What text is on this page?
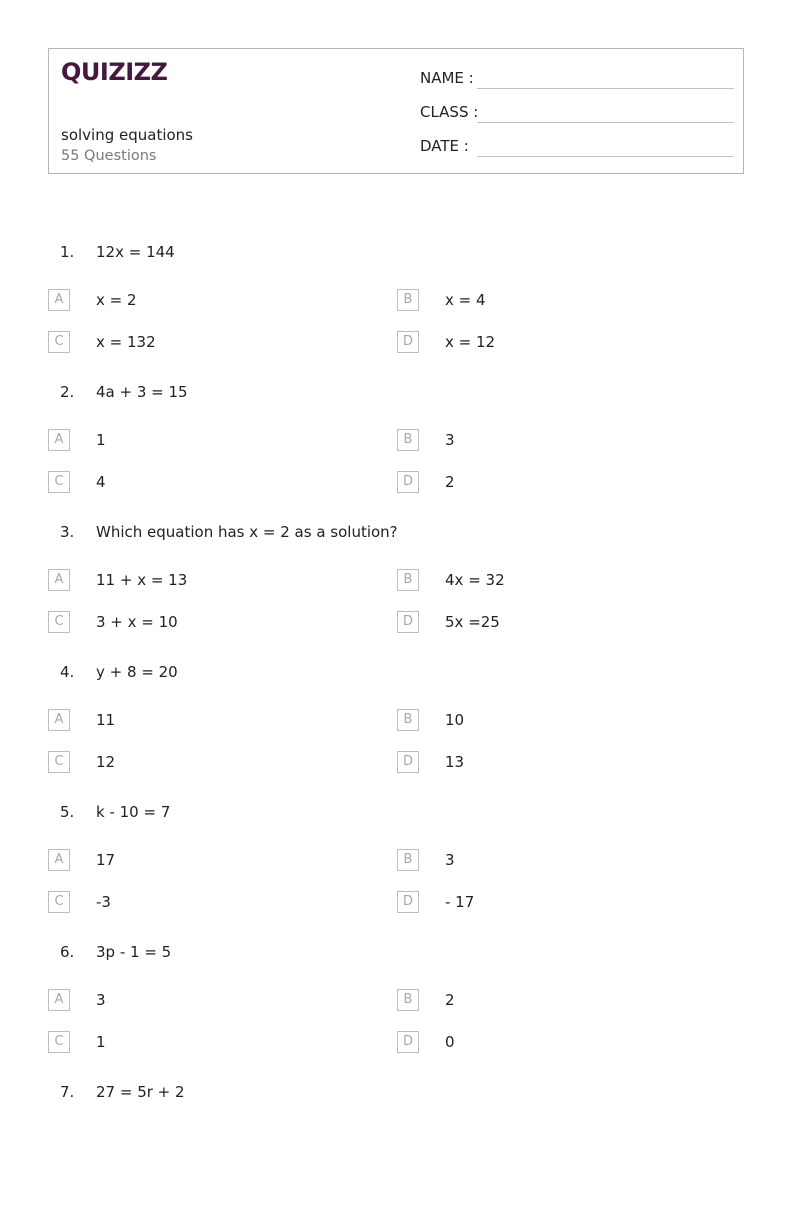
QUIZIZZ
solving equations
55 Questions
NAME :
CLASS :
DATE :
1. 12x = 144
A	x = 2	B	x = 4
C	x = 132	D	x = 12
2. 4a + 3 = 15
A	1	B	3
C	4	D	2
3. Which equation has x = 2 as a solution?
A	11 + x = 13	B	4x = 32
C	3 + x = 10	D	5x =25
4. y + 8 = 20
A	11	B	10
C	12	D	13
5. k - 10 = 7
A	17	B	3
C	-3	D	- 17
6. 3p - 1 = 5
A	3	B	2
C	1	D	0
7. 27 = 5r + 2
